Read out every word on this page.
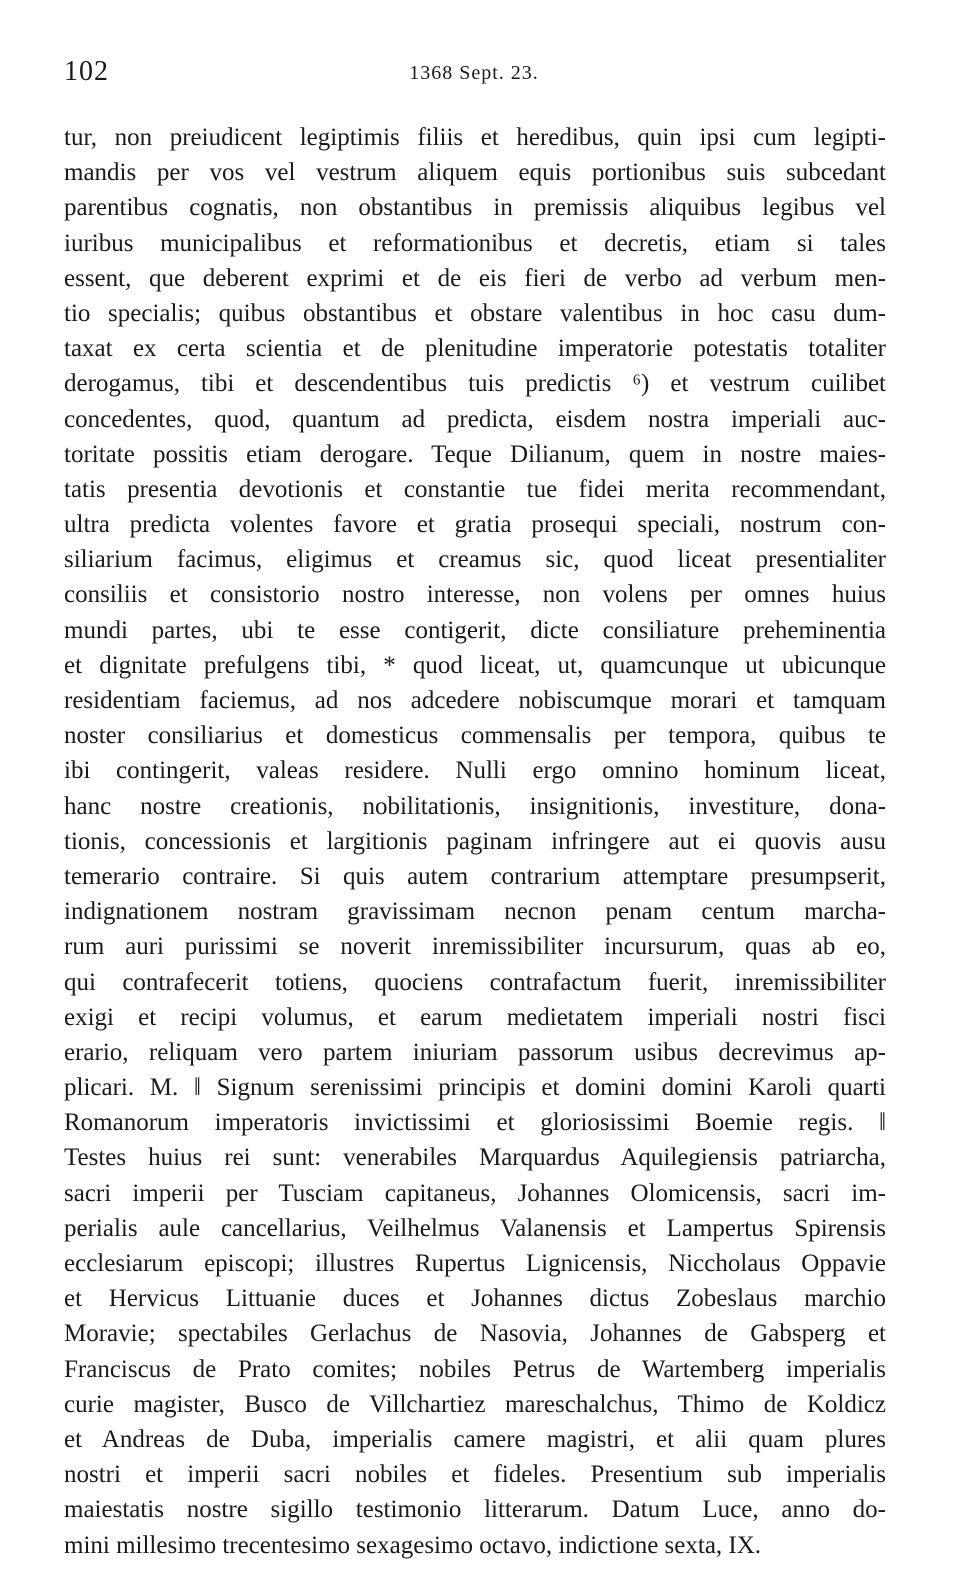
102	1368 Sept. 23.
tur, non preiudicent legiptimis filiis et heredibus, quin ipsi cum legipti-
mandis per vos vel vestrum aliquem equis portionibus suis subcedant
parentibus cognatis, non obstantibus in premissis aliquibus legibus vel
iuribus municipalibus et reformationibus et decretis, etiam si tales
essent, que deberent exprimi et de eis fieri de verbo ad verbum men-
tio specialis; quibus obstantibus et obstare valentibus in hoc casu dum-
taxat ex certa scientia et de plenitudine imperatorie potestatis totaliter
derogamus, tibi et descendentibus tuis predictis ⁶) et vestrum cuilibet
concedentes, quod, quantum ad predicta, eisdem nostra imperiali auc-
toritate possitis etiam derogare. Teque Dilianum, quem in nostre maies-
tatis presentia devotionis et constantie tue fidei merita recommendant,
ultra predicta volentes favore et gratia prosequi speciali, nostrum con-
siliarium facimus, eligimus et creamus sic, quod liceat presentialiter
consiliis et consistorio nostro interesse, non volens per omnes huius
mundi partes, ubi te esse contigerit, dicte consiliature preheminentia
et dignitate prefulgens tibi, * quod liceat, ut, quamcunque ut ubicunque
residentiam faciemus, ad nos adcedere nobiscumque morari et tamquam
noster consiliarius et domesticus commensalis per tempora, quibus te
ibi contingerit, valeas residere. Nulli ergo omnino hominum liceat,
hanc nostre creationis, nobilitationis, insignitionis, investiture, dona-
tionis, concessionis et largitionis paginam infringere aut ei quovis ausu
temerario contraire. Si quis autem contrarium attemptare presumpserit,
indignationem nostram gravissimam necnon penam centum marcha-
rum auri purissimi se noverit inremissibiliter incursurum, quas ab eo,
qui contrafecerit totiens, quociens contrafactum fuerit, inremissibiliter
exigi et recipi volumus, et earum medietatem imperiali nostri fisci
erario, reliquam vero partem iniuriam passorum usibus decrevimus ap-
plicari. M. ‖ Signum serenissimi principis et domini domini Karoli quarti
Romanorum imperatoris invictissimi et gloriosissimi Boemie regis. ‖
Testes huius rei sunt: venerabiles Marquardus Aquilegiensis patriarcha,
sacri imperii per Tusciam capitaneus, Johannes Olomicensis, sacri im-
perialis aule cancellarius, Veilhelmus Valanensis et Lampertus Spirensis
ecclesiarum episcopi; illustres Rupertus Lignicensis, Niccholaus Oppavie
et Hervicus Littuanie duces et Johannes dictus Zobeslaus marchio
Moravie; spectabiles Gerlachus de Nasovia, Johannes de Gabsperg et
Franciscus de Prato comites; nobiles Petrus de Wartemberg imperialis
curie magister, Busco de Villchartiez mareschalchus, Thimo de Koldicz
et Andreas de Duba, imperialis camere magistri, et alii quam plures
nostri et imperii sacri nobiles et fideles. Presentium sub imperialis
maiestatis nostre sigillo testimonio litterarum. Datum Luce, anno do-
mini millesimo trecentesimo sexagesimo octavo, indictione sexta, IX.
